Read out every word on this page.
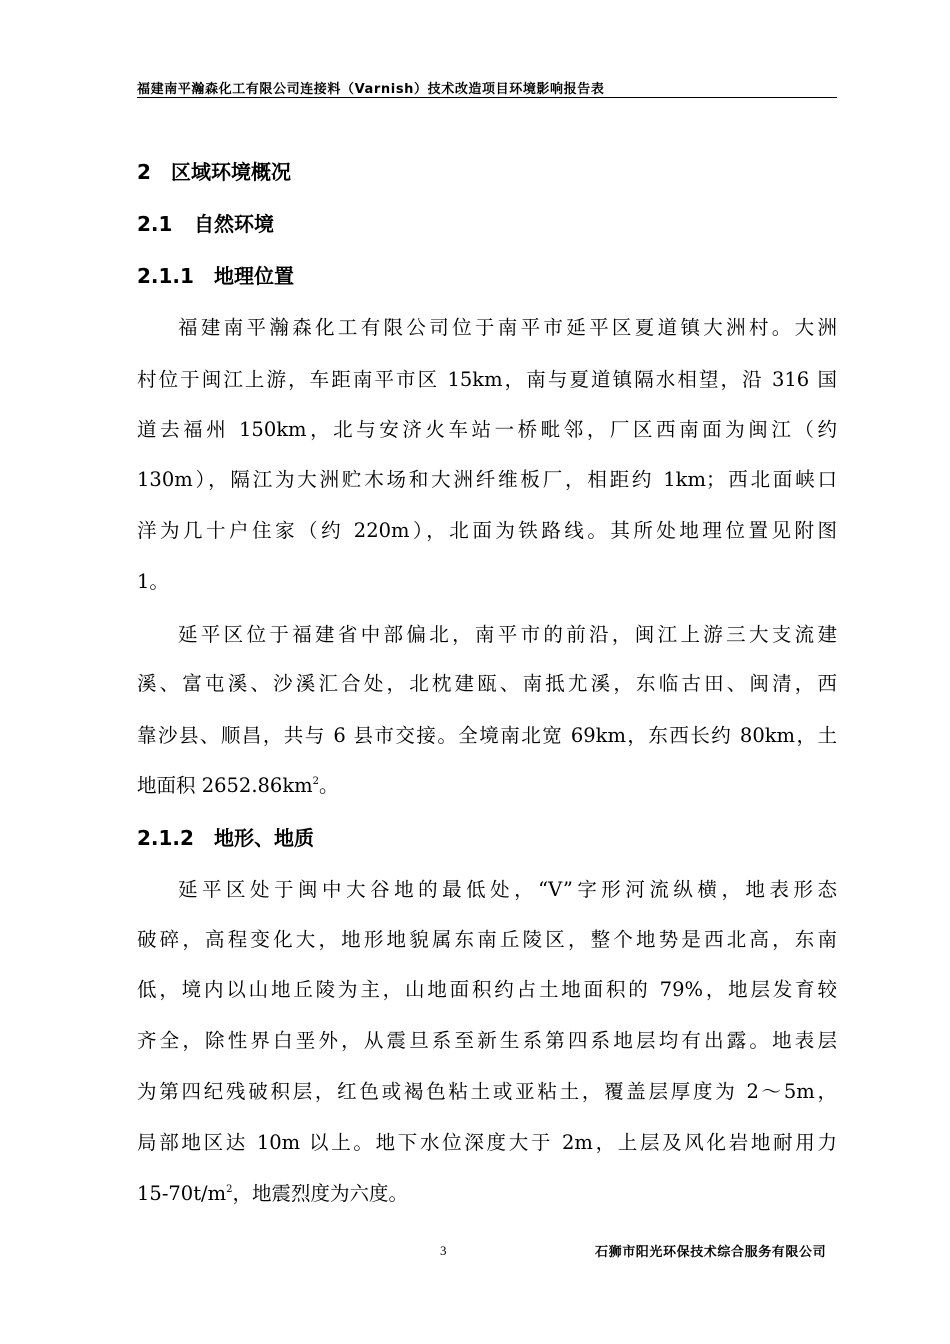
福建南平瀚森化工有限公司连接料（Varnish）技术改造项目环境影响报告表
2 区域环境概况
2.1 自然环境
2.1.1 地理位置
福建南平瀚森化工有限公司位于南平市延平区夏道镇大洲村。大洲
村位于闽江上游，车距南平市区 15km，南与夏道镇隔水相望，沿 316 国
道去福州 150km，北与安济火车站一桥毗邻，厂区西南面为闽江（约
130m），隔江为大洲贮木场和大洲纤维板厂，相距约 1km；西北面峡口
洋为几十户住家（约 220m），北面为铁路线。其所处地理位置见附图
1。
延平区位于福建省中部偏北，南平市的前沿，闽江上游三大支流建
溪、富屯溪、沙溪汇合处，北枕建瓯、南抵尤溪，东临古田、闽清，西
靠沙县、顺昌，共与 6 县市交接。全境南北宽 69km，东西长约 80km，土
地面积 $2652.86km^2$。
2.1.2 地形、地质
延平区处于闽中大谷地的最低处，“V”字形河流纵横，地表形态
破碎，高程变化大，地形地貌属东南丘陵区，整个地势是西北高，东南
低，境内以山地丘陵为主，山地面积约占土地面积的 79%，地层发育较
齐全，除性界白垩外，从震旦系至新生系第四系地层均有出露。地表层
为第四纪残破积层，红色或褐色粘土或亚粘土，覆盖层厚度为 2～5m，
局部地区达 10m 以上。地下水位深度大于 2m，上层及风化岩地耐用力
$15-70t/m^2$，地震烈度为六度。
3	石狮市阳光环保技术综合服务有限公司
